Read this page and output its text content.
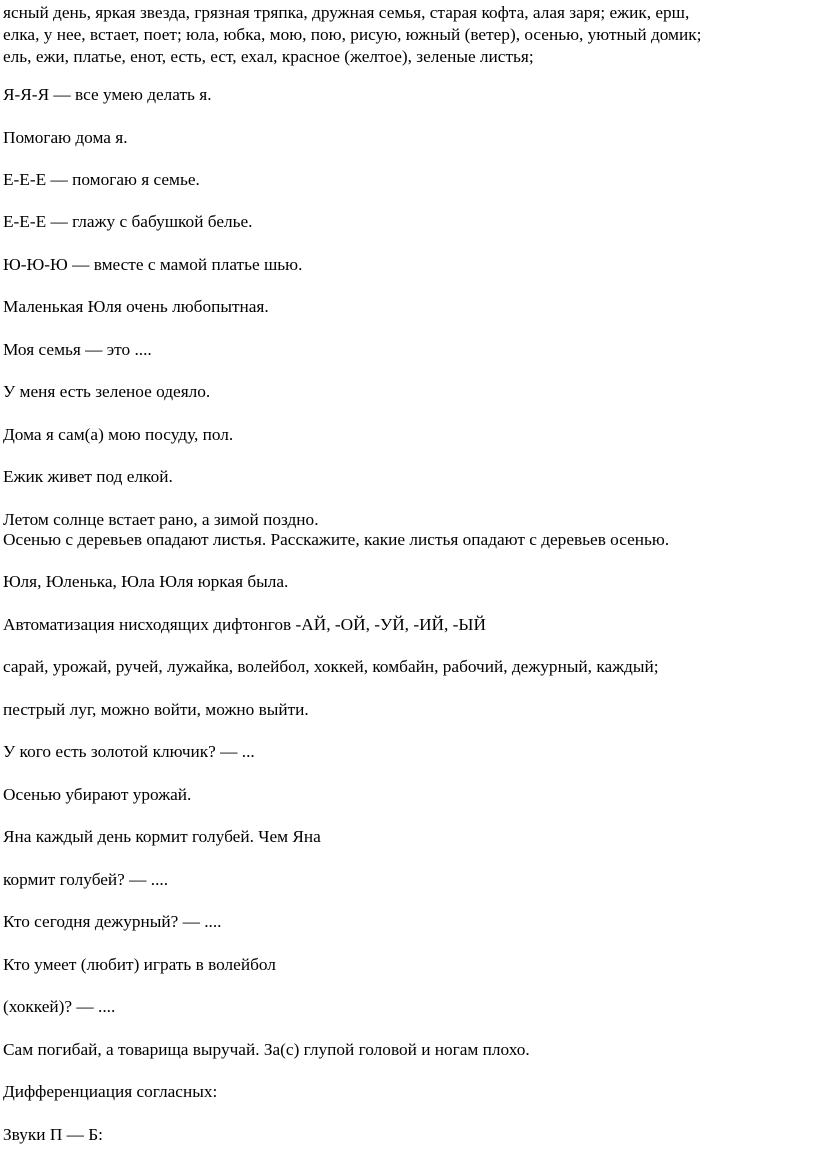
ясный день, яркая звезда, грязная тряпка, дружная семья, старая кофта, алая заря; ежик, ерш,
елка, у нее, встает, поет; юла, юбка, мою, пою, рисую, южный (ветер), осенью, уютный домик;
ель, ежи, платье, енот, есть, ест, ехал, красное (желтое), зеленые листья;

Я-Я-Я — все умею делать я.

Помогаю дома я.

Е-Е-Е — помогаю я семье.

Е-Е-Е — глажу с бабушкой белье.

Ю-Ю-Ю — вместе с мамой платье шью.

Маленькая Юля очень любопытная.

Моя семья — это ....

У меня есть зеленое одеяло.

Дома я сам(а) мою посуду, пол.

Ежик живет под елкой.

Летом солнце встает рано, а зимой поздно.

Осенью с деревьев опадают листья. Расскажите, какие листья опадают с деревьев осенью.

Юля, Юленька, Юла Юля юркая была.

Автоматизация нисходящих дифтонгов -АЙ, -ОЙ, -УЙ, -ИЙ, -ЫЙ

сарай, урожай, ручей, лужайка, волейбол, хоккей, комбайн, рабочий, дежурный, каждый;

пестрый луг, можно войти, можно выйти.

У кого есть золотой ключик? — ...

Осенью убирают урожай.

Яна каждый день кормит голубей. Чем Яна

кормит голубей? — ....

Кто сегодня дежурный? — ....

Кто умеет (любит) играть в волейбол

(хоккей)? — ....

Сам погибай, а товарища выручай. За(с) глупой головой и ногам плохо.

Дифференциация согласных:

Звуки П — Б:
